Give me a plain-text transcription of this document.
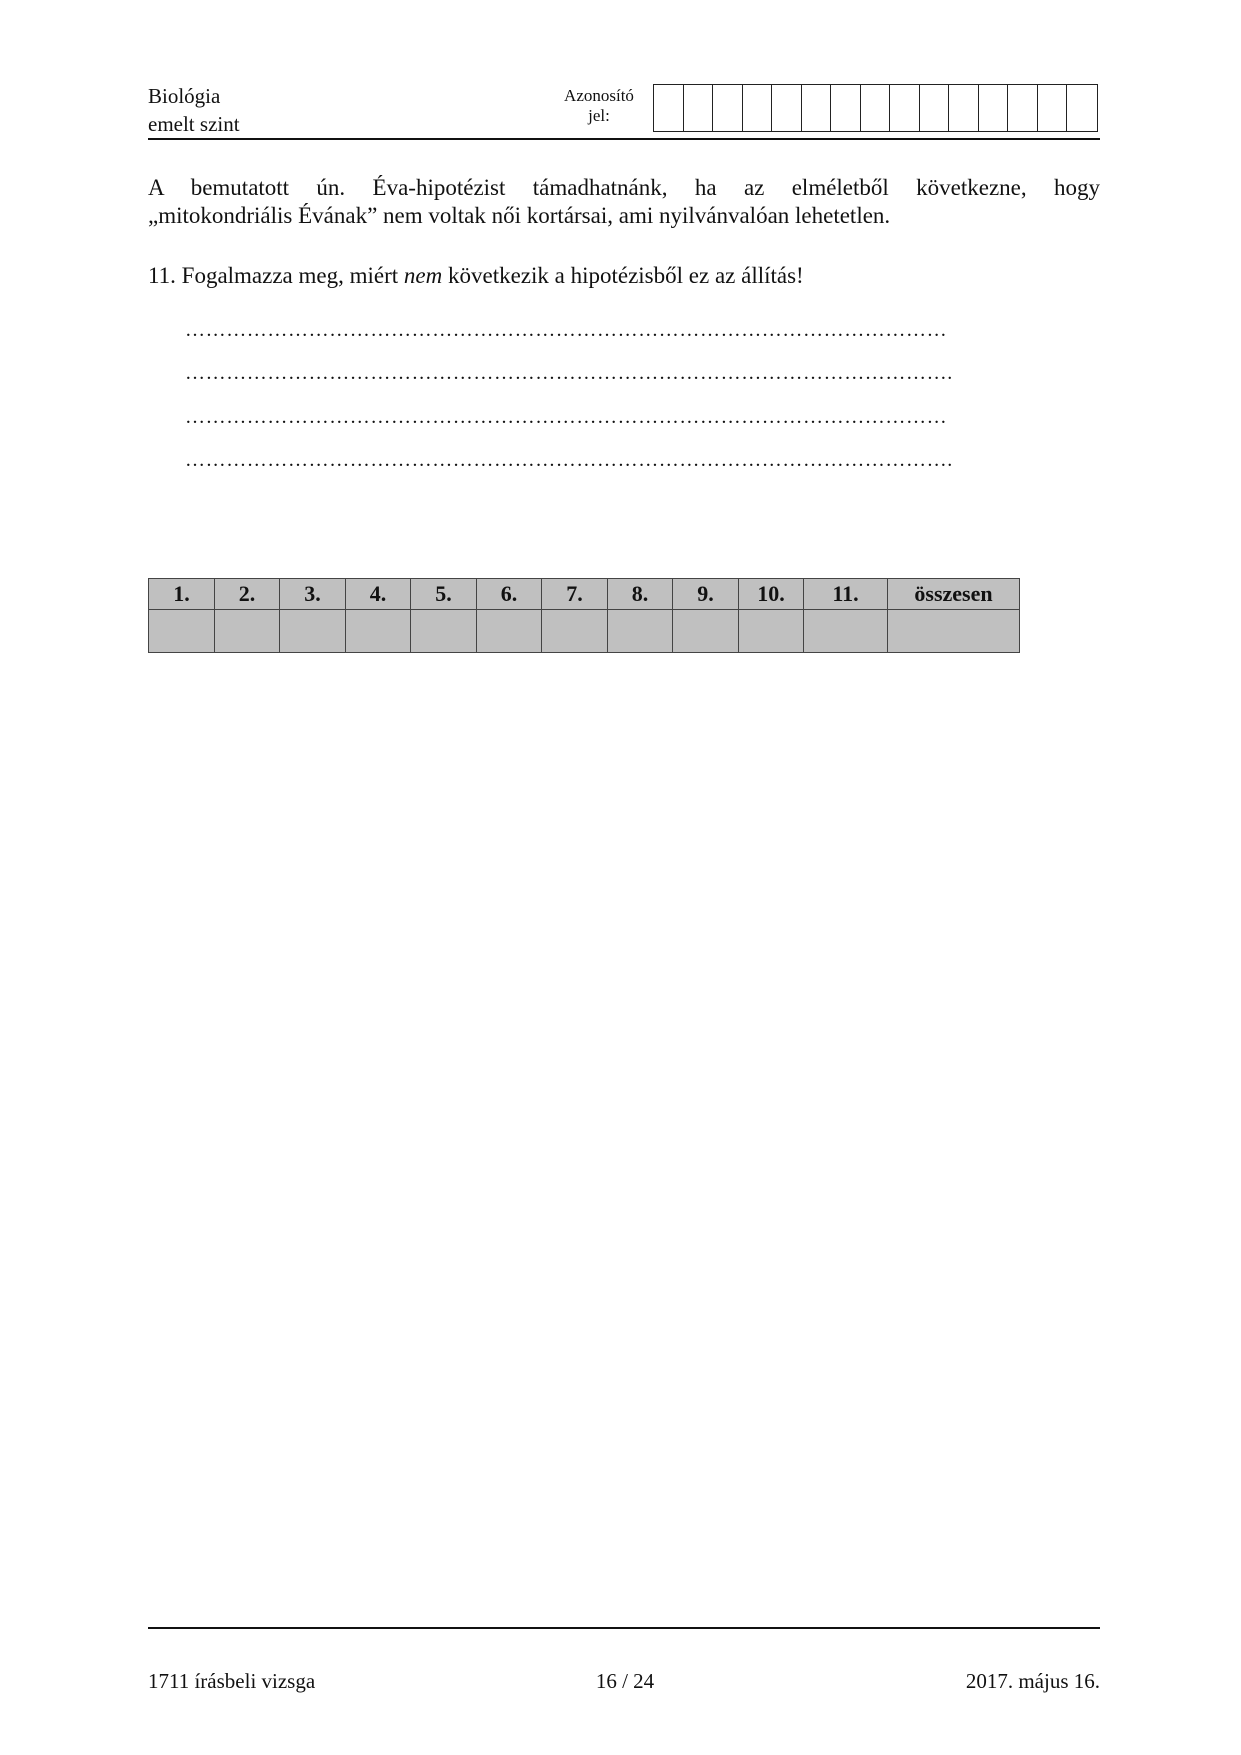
Biológia
emelt szint
Azonosító
jel:
A bemutatott ún. Éva-hipotézist támadhatnánk, ha az elméletből következne, hogy
„mitokondriális Évának” nem voltak női kortársai, ami nyilvánvalóan lehetetlen.
11. Fogalmazza meg, miért nem következik a hipotézisből ez az állítás!
…………………………………………………………………………………………………
………………………………………………………………………………………………….
…………………………………………………………………………………………………
………………………………………………………………………………………………….
1.	2.	3.	4.	5.	6.	7.	8.	9.	10.	11.	összesen

1711 írásbeli vizsga	16 / 24	2017. május 16.
